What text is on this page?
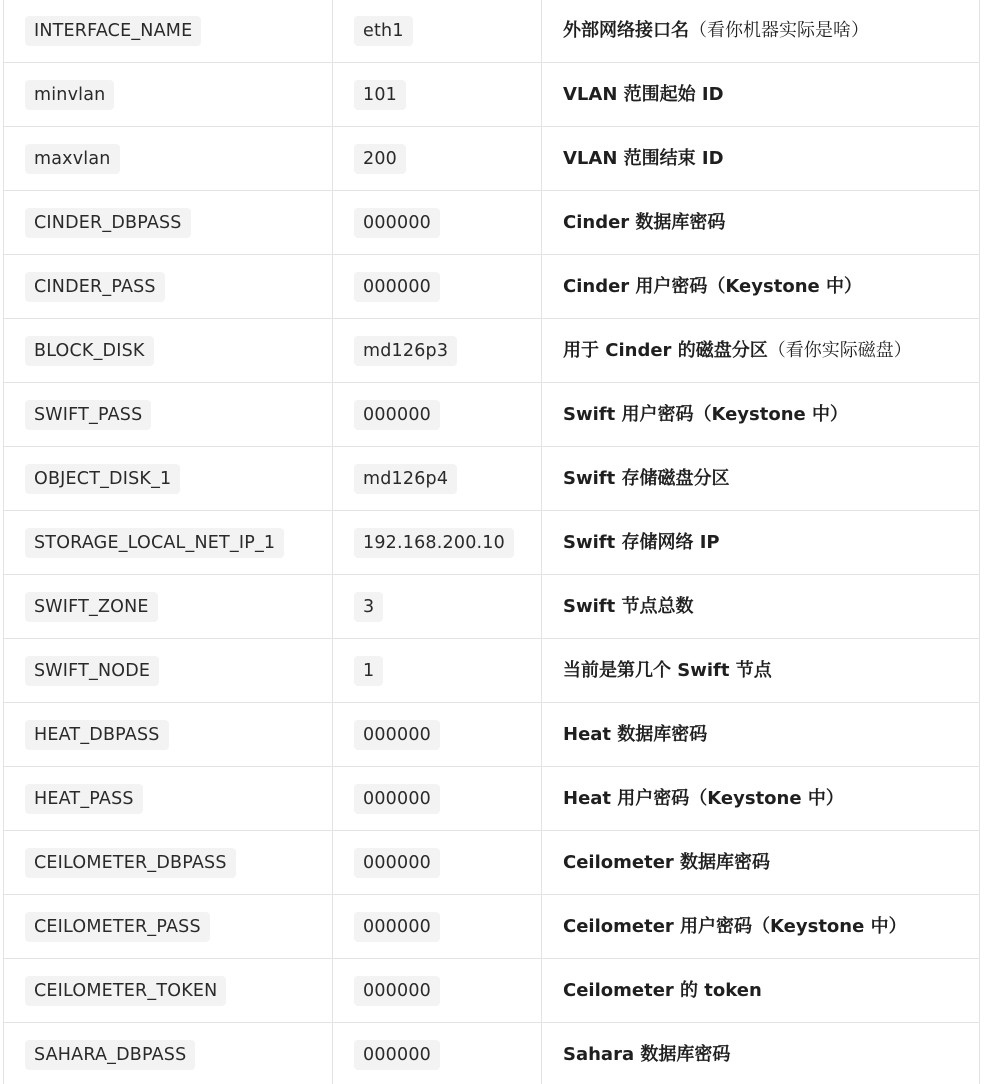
INTERFACE_NAME	eth1	外部网络接口名（看你机器实际是啥）
minvlan	101	VLAN 范围起始 ID
maxvlan	200	VLAN 范围结束 ID
CINDER_DBPASS	000000	Cinder 数据库密码
CINDER_PASS	000000	Cinder 用户密码（Keystone 中）
BLOCK_DISK	md126p3	用于 Cinder 的磁盘分区（看你实际磁盘）
SWIFT_PASS	000000	Swift 用户密码（Keystone 中）
OBJECT_DISK_1	md126p4	Swift 存储磁盘分区
STORAGE_LOCAL_NET_IP_1	192.168.200.10	Swift 存储网络 IP
SWIFT_ZONE	3	Swift 节点总数
SWIFT_NODE	1	当前是第几个 Swift 节点
HEAT_DBPASS	000000	Heat 数据库密码
HEAT_PASS	000000	Heat 用户密码（Keystone 中）
CEILOMETER_DBPASS	000000	Ceilometer 数据库密码
CEILOMETER_PASS	000000	Ceilometer 用户密码（Keystone 中）
CEILOMETER_TOKEN	000000	Ceilometer 的 token
SAHARA_DBPASS	000000	Sahara 数据库密码
